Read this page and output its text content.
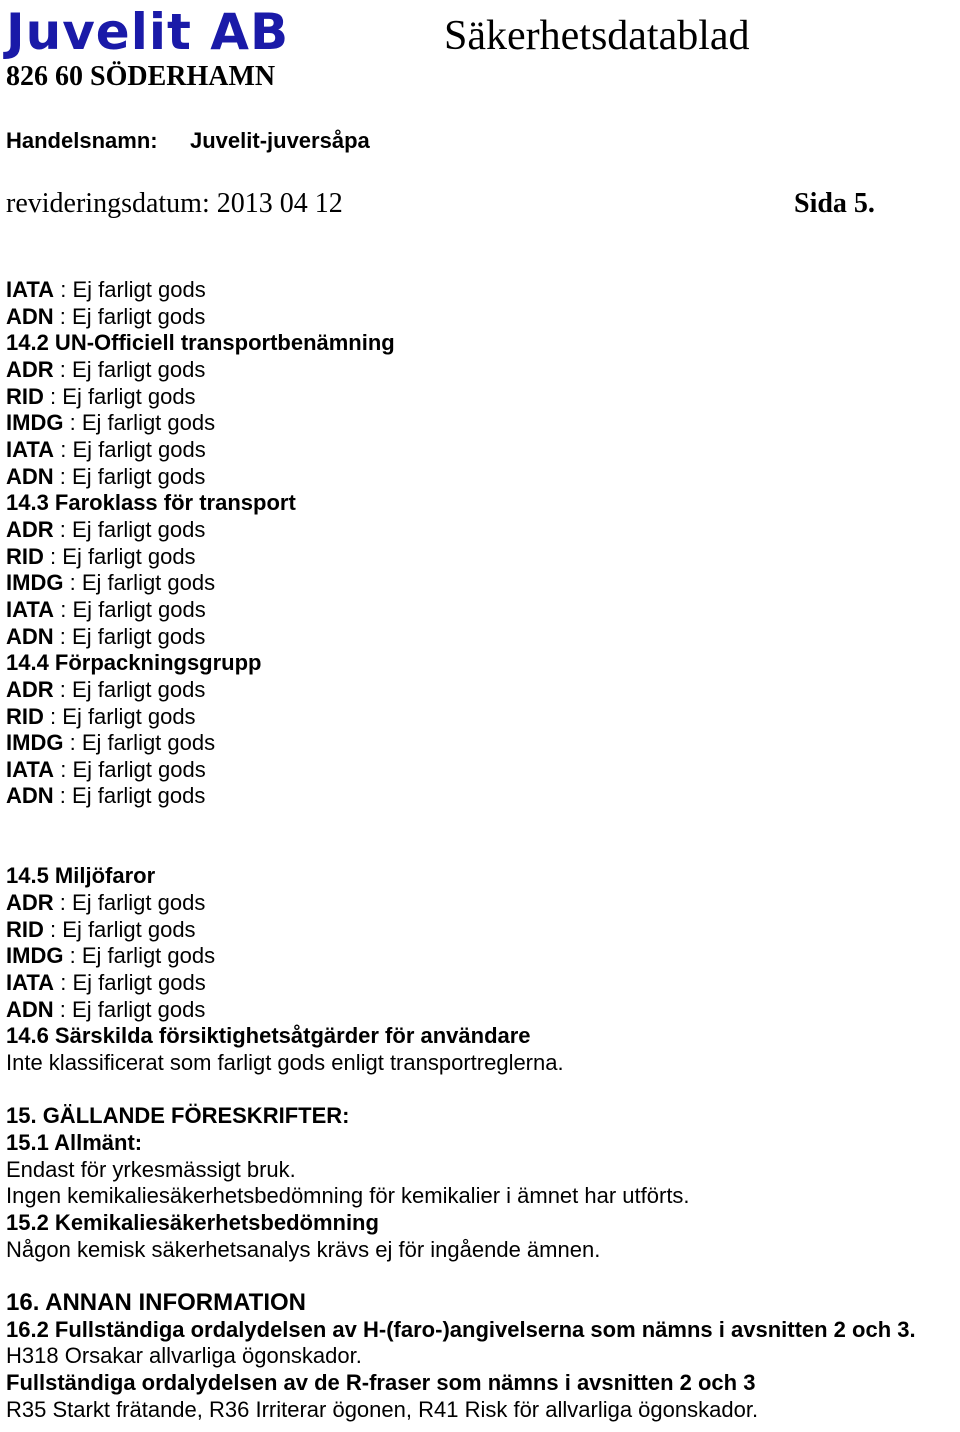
Juvelit AB	Säkerhetsdatablad
826 60 SÖDERHAMN
Handelsnamn: Juvelit-juversåpa
revideringsdatum: 2013 04 12	Sida 5.
IATA : Ej farligt gods
ADN : Ej farligt gods
14.2 UN-Officiell transportbenämning
ADR : Ej farligt gods
RID : Ej farligt gods
IMDG : Ej farligt gods
IATA : Ej farligt gods
ADN : Ej farligt gods
14.3 Faroklass för transport
ADR : Ej farligt gods
RID : Ej farligt gods
IMDG : Ej farligt gods
IATA : Ej farligt gods
ADN : Ej farligt gods
14.4 Förpackningsgrupp
ADR : Ej farligt gods
RID : Ej farligt gods
IMDG : Ej farligt gods
IATA : Ej farligt gods
ADN : Ej farligt gods
14.5 Miljöfaror
ADR : Ej farligt gods
RID : Ej farligt gods
IMDG : Ej farligt gods
IATA : Ej farligt gods
ADN : Ej farligt gods
14.6 Särskilda försiktighetsåtgärder för användare
Inte klassificerat som farligt gods enligt transportreglerna.
15. GÄLLANDE FÖRESKRIFTER:
15.1 Allmänt:
Endast för yrkesmässigt bruk.
Ingen kemikaliesäkerhetsbedömning för kemikalier i ämnet har utförts.
15.2 Kemikaliesäkerhetsbedömning
Någon kemisk säkerhetsanalys krävs ej för ingående ämnen.
16. ANNAN INFORMATION
16.2 Fullständiga ordalydelsen av H-(faro-)angivelserna som nämns i avsnitten 2 och 3.
H318 Orsakar allvarliga ögonskador.
Fullständiga ordalydelsen av de R-fraser som nämns i avsnitten 2 och 3
R35 Starkt frätande, R36 Irriterar ögonen, R41 Risk för allvarliga ögonskador.
